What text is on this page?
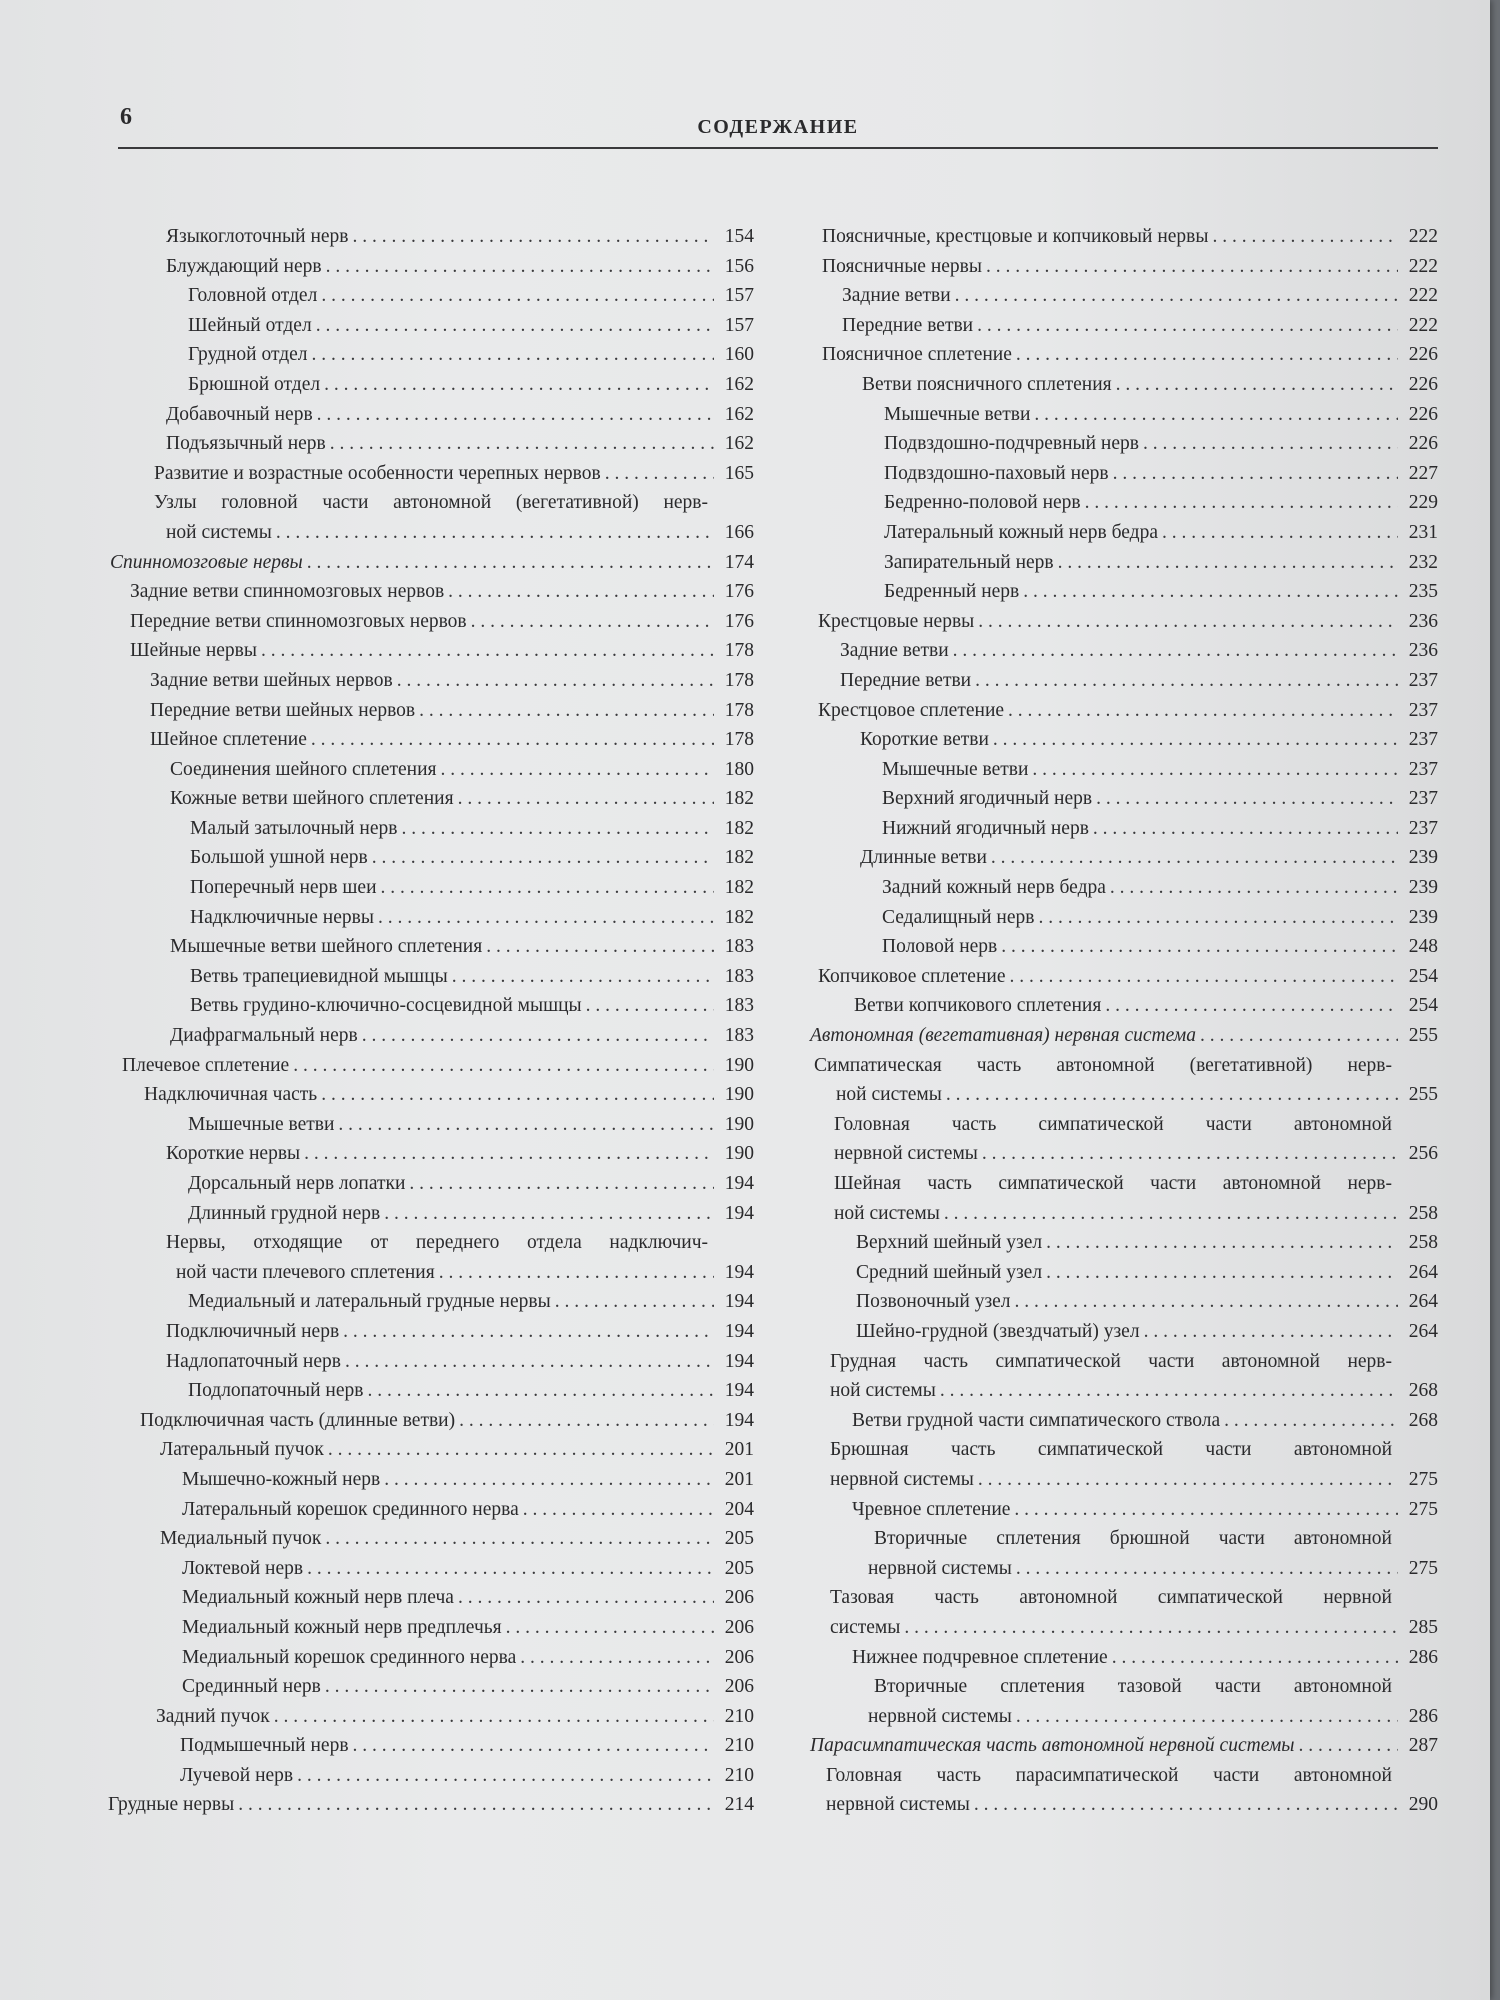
6	СОДЕРЖАНИЕ
Языкоглоточный нерв . . .	154
Блуждающий нерв . . .	156
Головной отдел . . .	157
Шейный отдел . . .	157
Грудной отдел . . .	160
Брюшной отдел . . .	162
Добавочный нерв . . .	162
Подъязычный нерв . . .	162
Развитие и возрастные особенности черепных нервов . . .	165
Узлы головной части автономной (вегетативной) нерв-
ной системы . . .	166
Спинномозговые нервы . . .	174
Задние ветви спинномозговых нервов . . .	176
Передние ветви спинномозговых нервов . . .	176
Шейные нервы . . .	178
Задние ветви шейных нервов . . .	178
Передние ветви шейных нервов . . .	178
Шейное сплетение . . .	178
Соединения шейного сплетения . . .	180
Кожные ветви шейного сплетения . . .	182
Малый затылочный нерв . . .	182
Большой ушной нерв . . .	182
Поперечный нерв шеи . . .	182
Надключичные нервы . . .	182
Мышечные ветви шейного сплетения . . .	183
Ветвь трапециевидной мышцы . . .	183
Ветвь грудино-ключично-сосцевидной мышцы . . .	183
Диафрагмальный нерв . . .	183
Плечевое сплетение . . .	190
Надключичная часть . . .	190
Мышечные ветви . . .	190
Короткие нервы . . .	190
Дорсальный нерв лопатки . . .	194
Длинный грудной нерв . . .	194
Нервы, отходящие от переднего отдела надключич-
ной части плечевого сплетения . . .	194
Медиальный и латеральный грудные нервы . . .	194
Подключичный нерв . . .	194
Надлопаточный нерв . . .	194
Подлопаточный нерв . . .	194
Подключичная часть (длинные ветви) . . .	194
Латеральный пучок . . .	201
Мышечно-кожный нерв . . .	201
Латеральный корешок срединного нерва . . .	204
Медиальный пучок . . .	205
Локтевой нерв . . .	205
Медиальный кожный нерв плеча . . .	206
Медиальный кожный нерв предплечья . . .	206
Медиальный корешок срединного нерва . . .	206
Срединный нерв . . .	206
Задний пучок . . .	210
Подмышечный нерв . . .	210
Лучевой нерв . . .	210
Грудные нервы . . .	214
Поясничные, крестцовые и копчиковый нервы . . .	222
Поясничные нервы . . .	222
Задние ветви . . .	222
Передние ветви . . .	222
Поясничное сплетение . . .	226
Ветви поясничного сплетения . . .	226
Мышечные ветви . . .	226
Подвздошно-подчревный нерв . . .	226
Подвздошно-паховый нерв . . .	227
Бедренно-половой нерв . . .	229
Латеральный кожный нерв бедра . . .	231
Запирательный нерв . . .	232
Бедренный нерв . . .	235
Крестцовые нервы . . .	236
Задние ветви . . .	236
Передние ветви . . .	237
Крестцовое сплетение . . .	237
Короткие ветви . . .	237
Мышечные ветви . . .	237
Верхний ягодичный нерв . . .	237
Нижний ягодичный нерв . . .	237
Длинные ветви . . .	239
Задний кожный нерв бедра . . .	239
Седалищный нерв . . .	239
Половой нерв . . .	248
Копчиковое сплетение . . .	254
Ветви копчикового сплетения . . .	254
Автономная (вегетативная) нервная система . . .	255
Симпатическая часть автономной (вегетативной) нерв-
ной системы . . .	255
Головная часть симпатической части автономной
нервной системы . . .	256
Шейная часть симпатической части автономной нерв-
ной системы . . .	258
Верхний шейный узел . . .	258
Средний шейный узел . . .	264
Позвоночный узел . . .	264
Шейно-грудной (звездчатый) узел . . .	264
Грудная часть симпатической части автономной нерв-
ной системы . . .	268
Ветви грудной части симпатического ствола . . .	268
Брюшная часть симпатической части автономной
нервной системы . . .	275
Чревное сплетение . . .	275
Вторичные сплетения брюшной части автономной
нервной системы . . .	275
Тазовая часть автономной симпатической нервной
системы . . .	285
Нижнее подчревное сплетение . . .	286
Вторичные сплетения тазовой части автономной
нервной системы . . .	286
Парасимпатическая часть автономной нервной системы . . .	287
Головная часть парасимпатической части автономной
нервной системы . . .	290
